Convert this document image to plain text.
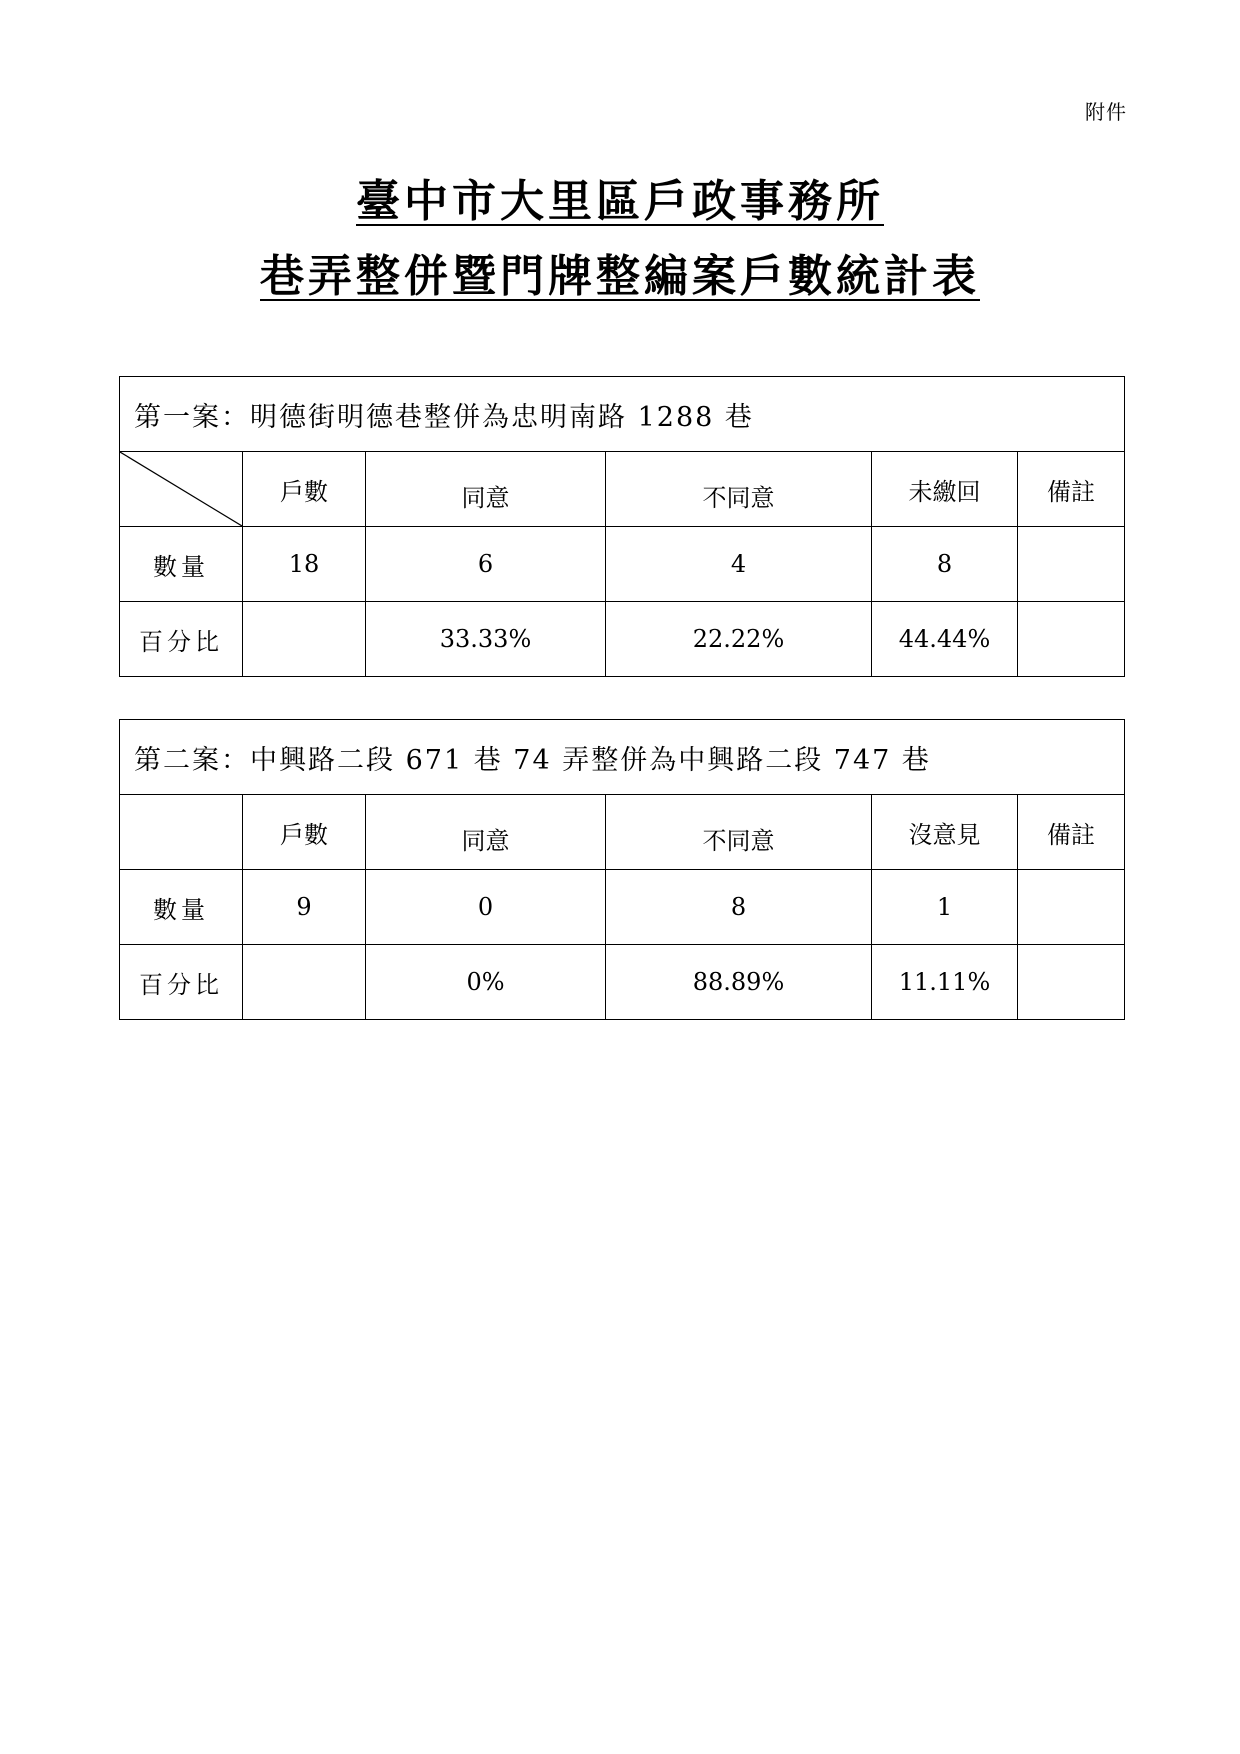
附件
臺中市大里區戶政事務所
巷弄整併暨門牌整編案戶數統計表
第一案：明德街明德巷整併為忠明南路 1288 巷					

	戶數	同意	不同意	未繳回	備註
數量	18	6	4	8	
百分比		33.33%	22.22%	44.44%	
第二案：中興路二段 671 巷 74 弄整併為中興路二段 747 巷					
	戶數	同意	不同意	沒意見	備註
數量	9	0	8	1	
百分比		0%	88.89%	11.11%	
